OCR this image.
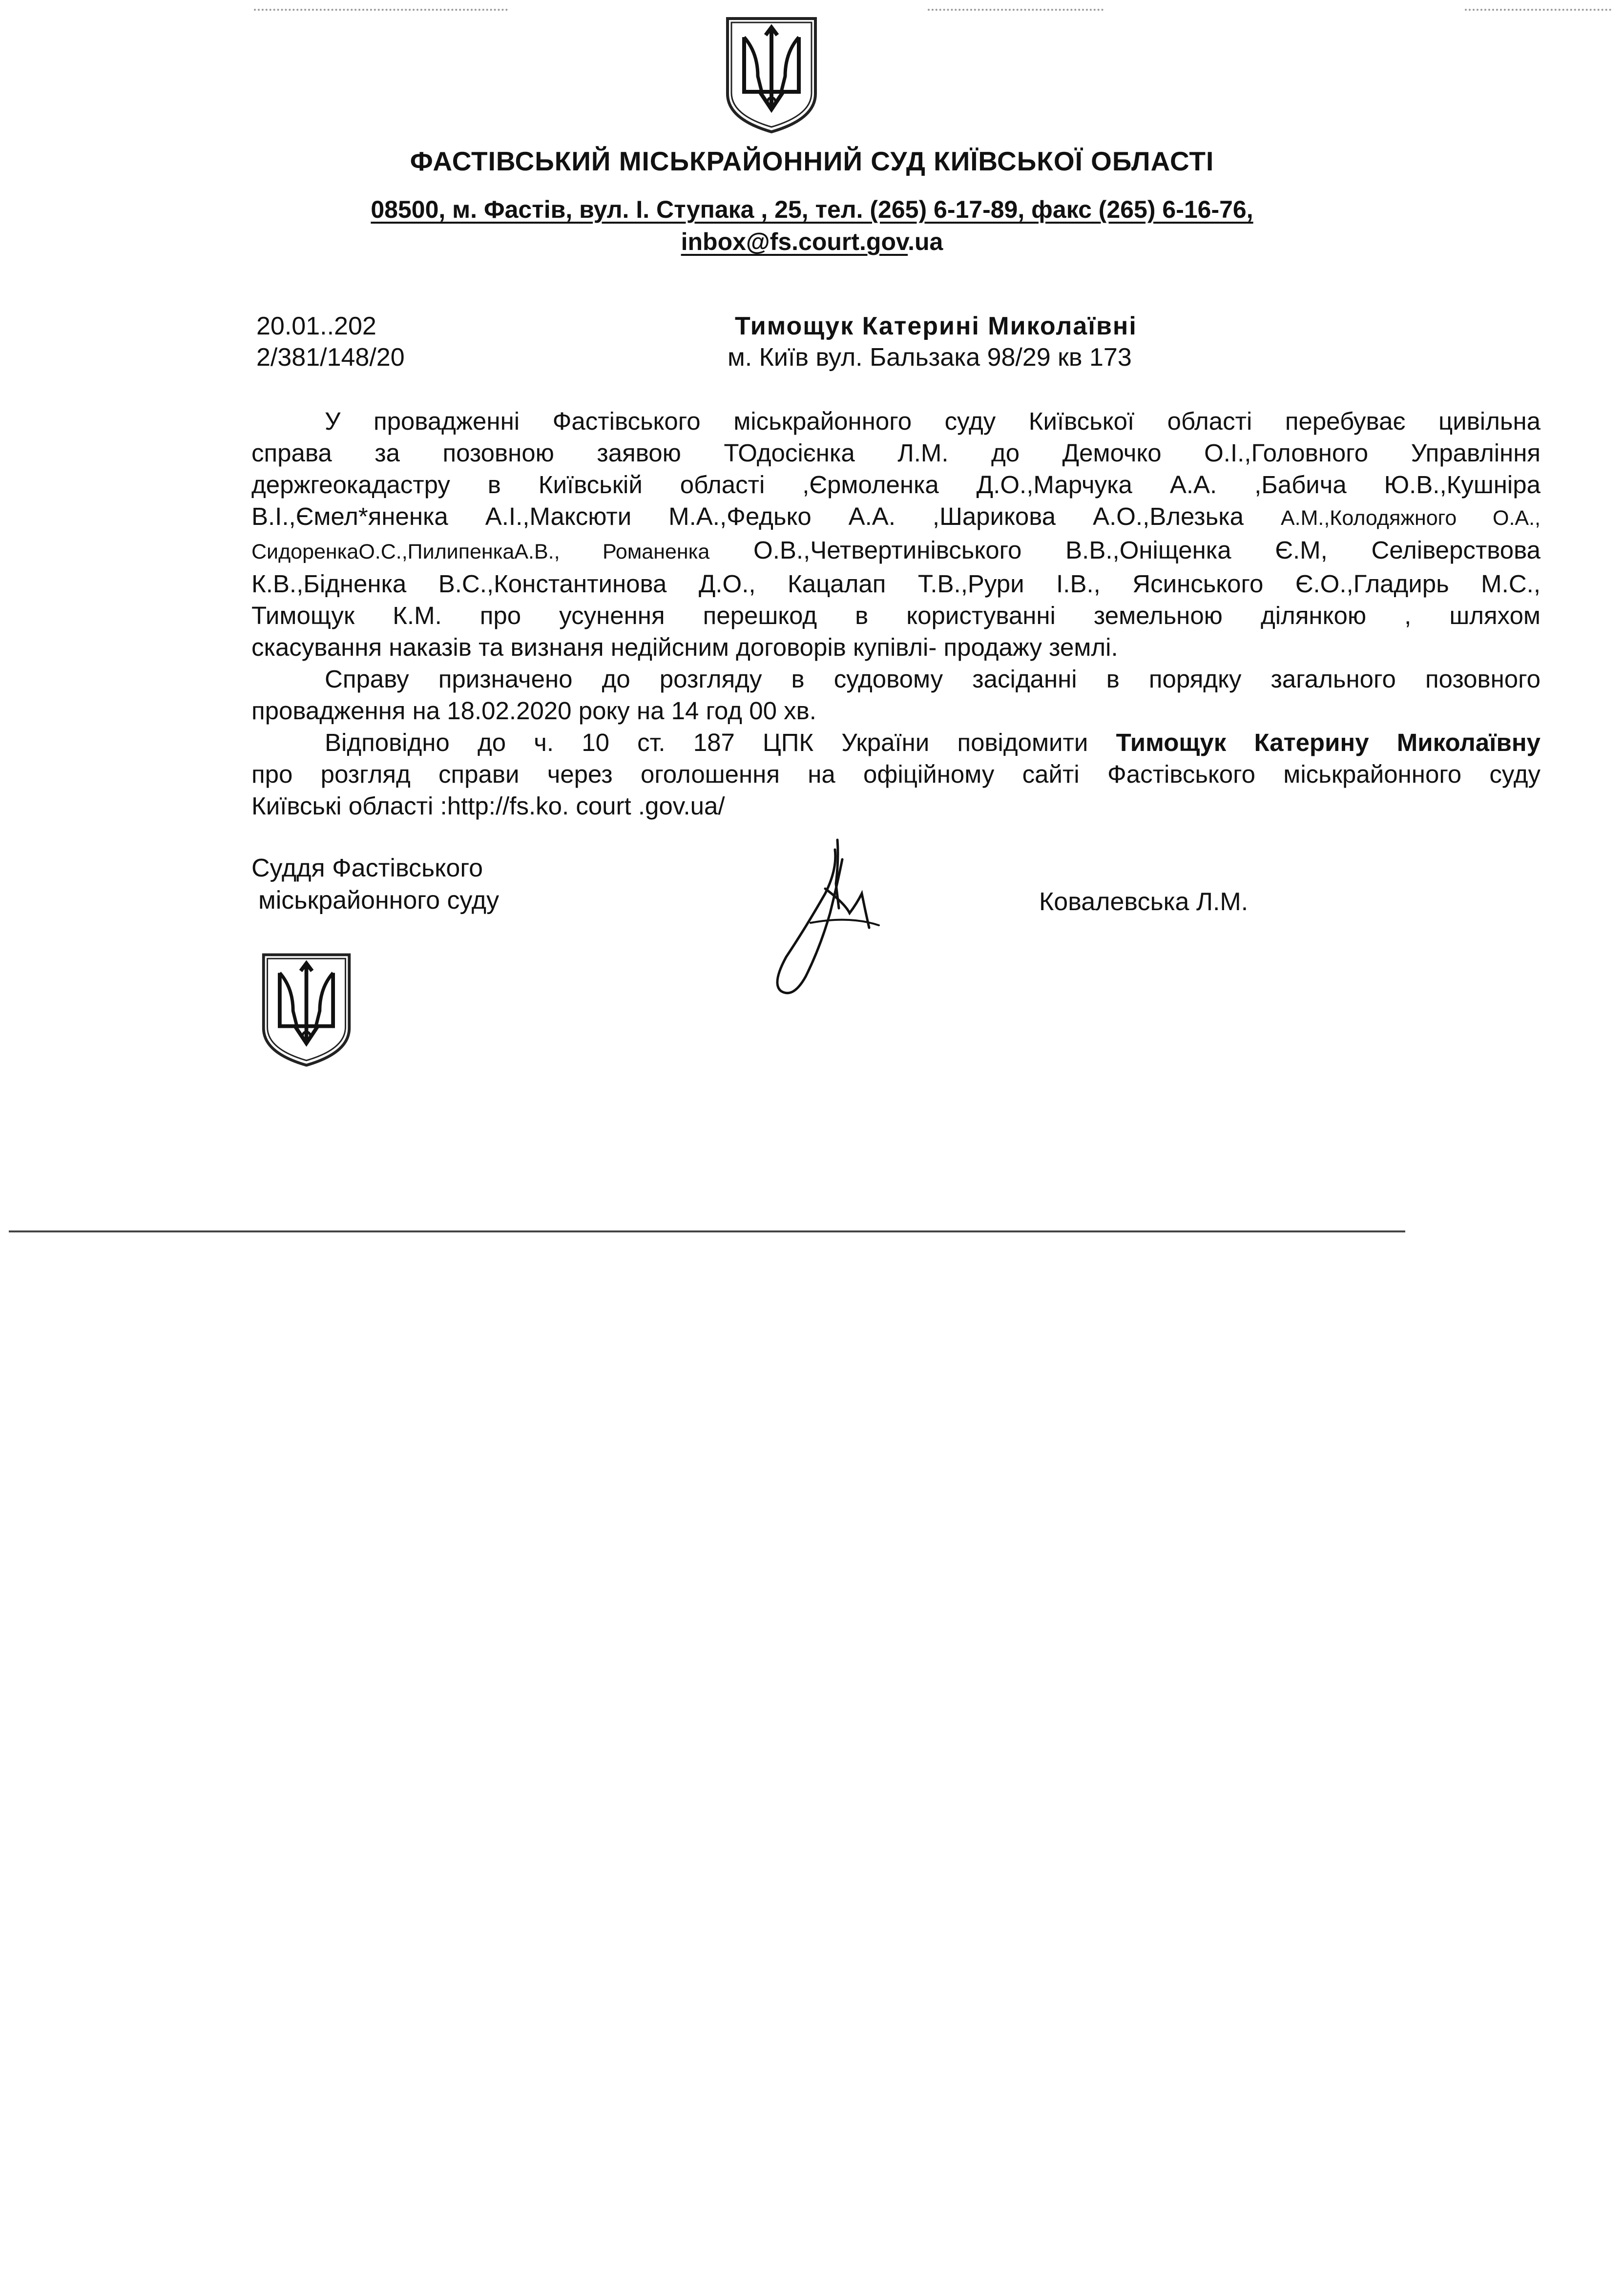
ФАСТІВСЬКИЙ МІСЬКРАЙОННИЙ СУД КИЇВСЬКОЇ ОБЛАСТІ
08500, м. Фастів, вул. І. Ступака , 25, тел. (265) 6-17-89, факс (265) 6-16-76,
inbox@fs.court.gov.ua
20.01..202
2/381/148/20
Тимощук Катерині Миколаївні
м. Київ вул. Бальзака 98/29 кв 173
У провадженні Фастівського міськрайонного суду Київської області перебуває цивільна
справа за позовною заявою ТОдосієнка Л.М. до Демочко О.І.,Головного Управління
держгеокадастру в Київській області ,Єрмоленка Д.О.,Марчука А.А. ,Бабича Ю.В.,Кушніра
В.І.,Ємел*яненка А.І.,Максюти М.А.,Федько А.А. ,Шарикова А.О.,Влезька А.М.,Колодяжного О.А.,
СидоренкаО.С.,ПилипенкаА.В., Романенка О.В.,Четвертинівського В.В.,Оніщенка Є.М, Селіверствова
К.В.,Бідненка В.С.,Константинова Д.О., Кацалап Т.В.,Рури І.В., Ясинського Є.О.,Гладирь М.С.,
Тимощук К.М. про усунення перешкод в користуванні земельною ділянкою , шляхом
скасування наказів та визнаня недійсним договорів купівлі- продажу землі.
Справу призначено до розгляду в судовому засіданні в порядку загального позовного
провадження на 18.02.2020 року на 14 год 00 хв.
Відповідно до ч. 10 ст. 187 ЦПК України повідомити Тимощук Катерину Миколаївну
про розгляд справи через оголошення на офіційному сайті Фастівського міськрайонного суду
Київські області :http://fs.ko. court .gov.ua/
Суддя Фастівського
міськрайонного суду	Ковалевська Л.М.
